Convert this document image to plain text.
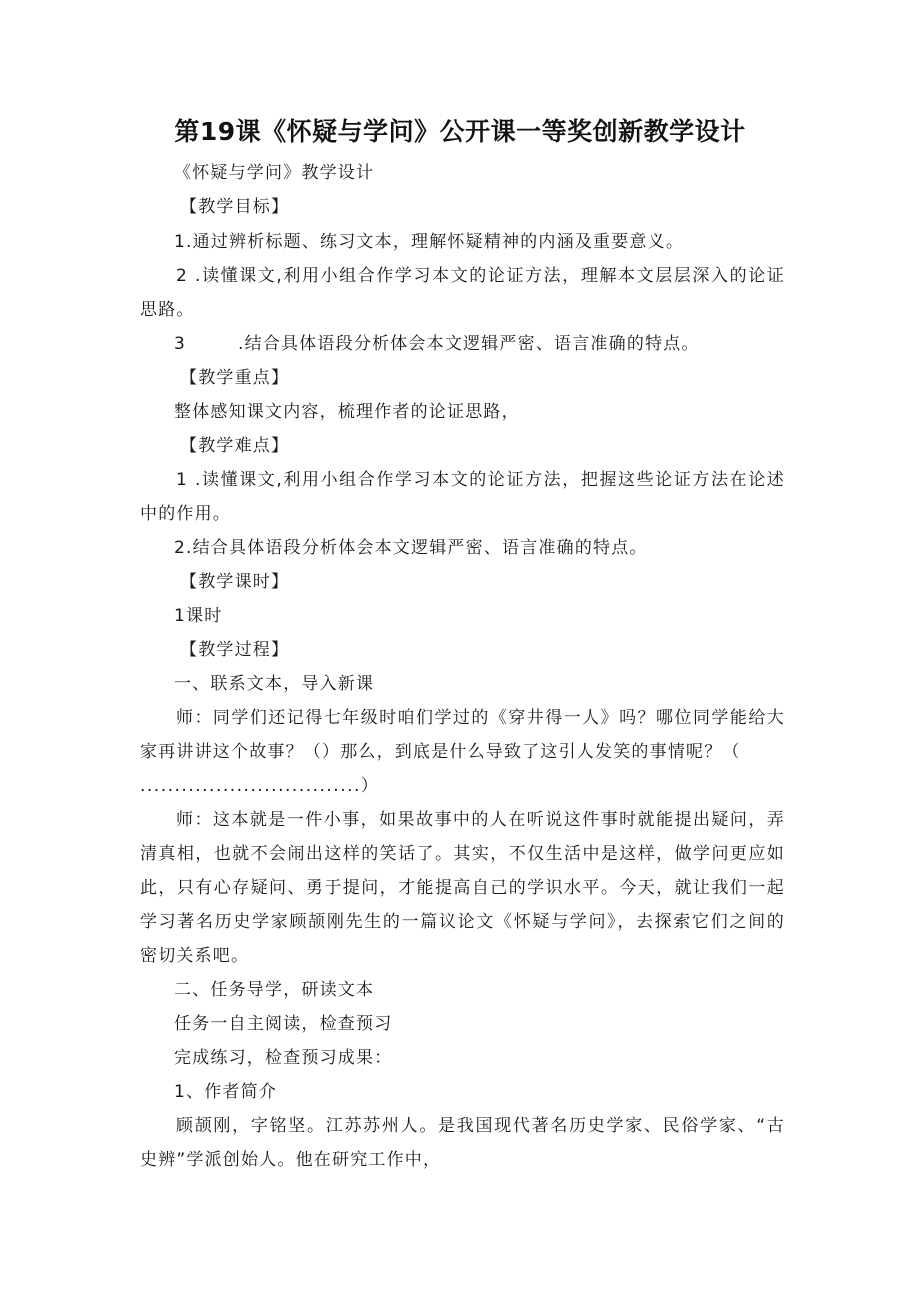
第19课《怀疑与学问》公开课一等奖创新教学设计
《怀疑与学问》教学设计
【教学目标】
1.通过辨析标题、练习文本，理解怀疑精神的内涵及重要意义。
2 .读懂课文,利用小组合作学习本文的论证方法，理解本文层层深入的论证思路。
3	.结合具体语段分析体会本文逻辑严密、语言准确的特点。
【教学重点】
整体感知课文内容，梳理作者的论证思路，
【教学难点】
1 .读懂课文,利用小组合作学习本文的论证方法，把握这些论证方法在论述中的作用。
2.结合具体语段分析体会本文逻辑严密、语言准确的特点。
【教学课时】
1课时
【教学过程】
一、联系文本，导入新课
师：同学们还记得七年级时咱们学过的《穿井得一人》吗？哪位同学能给大家再讲讲这个故事？（）那么，到底是什么导致了这引人发笑的事情呢？（
................................）
师：这本就是一件小事，如果故事中的人在听说这件事时就能提出疑问，弄清真相，也就不会闹出这样的笑话了。其实，不仅生活中是这样，做学问更应如此，只有心存疑问、勇于提问，才能提高自己的学识水平。今天，就让我们一起学习著名历史学家顾颉刚先生的一篇议论文《怀疑与学问》，去探索它们之间的密切关系吧。
二、任务导学，研读文本
任务一自主阅读，检查预习
完成练习，检查预习成果：
1、作者简介
顾颉刚，字铭坚。江苏苏州人。是我国现代著名历史学家、民俗学家、“古史辨”学派创始人。他在研究工作中，
